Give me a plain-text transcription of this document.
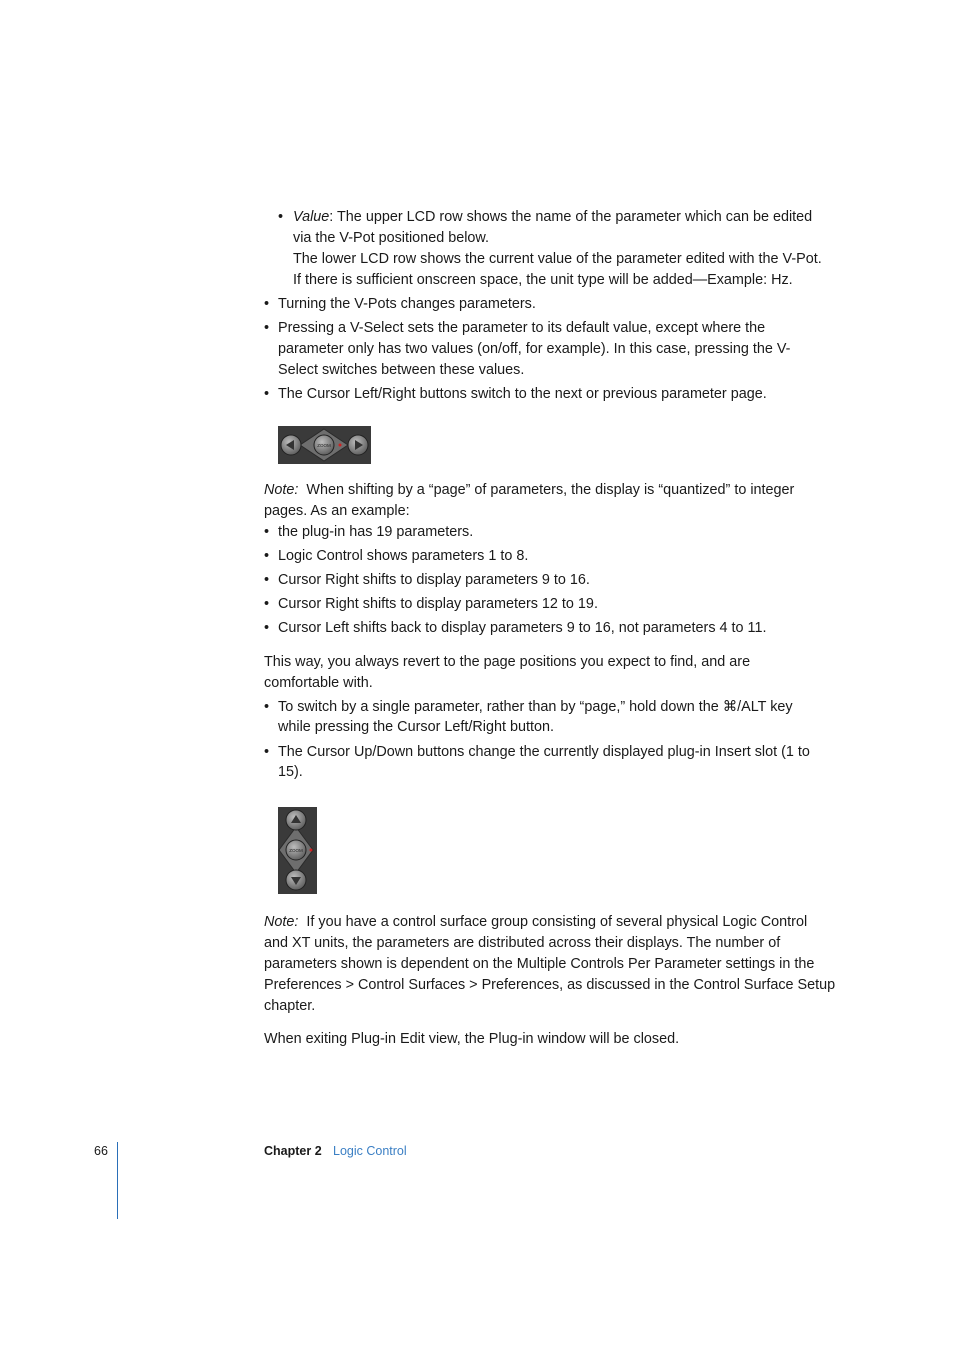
• Value: The upper LCD row shows the name of the parameter which can be edited

via the V-Pot positioned below.

The lower LCD row shows the current value of the parameter edited with the V-Pot.

If there is sufficient onscreen space, the unit type will be added—Example: Hz.

• Turning the V-Pots changes parameters.

• Pressing a V-Select sets the parameter to its default value, except where the

parameter only has two values (on/off, for example). In this case, pressing the V-

Select switches between these values.

• The Cursor Left/Right buttons switch to the next or previous parameter page.

ZOOM

Note: When shifting by a “page” of parameters, the display is “quantized” to integer

pages. As an example:

• the plug-in has 19 parameters.

• Logic Control shows parameters 1 to 8.

• Cursor Right shifts to display parameters 9 to 16.

• Cursor Right shifts to display parameters 12 to 19.

• Cursor Left shifts back to display parameters 9 to 16, not parameters 4 to 11.

This way, you always revert to the page positions you expect to find, and are

comfortable with.

• To switch by a single parameter, rather than by “page,” hold down the ⌘/ALT key

while pressing the Cursor Left/Right button.

• The Cursor Up/Down buttons change the currently displayed plug-in Insert slot (1 to

15).

ZOOM

Note: If you have a control surface group consisting of several physical Logic Control

and XT units, the parameters are distributed across their displays. The number of

parameters shown is dependent on the Multiple Controls Per Parameter settings in the

Preferences > Control Surfaces > Preferences, as discussed in the Control Surface Setup

chapter.

When exiting Plug-in Edit view, the Plug-in window will be closed.

66	Chapter 2 Logic Control
